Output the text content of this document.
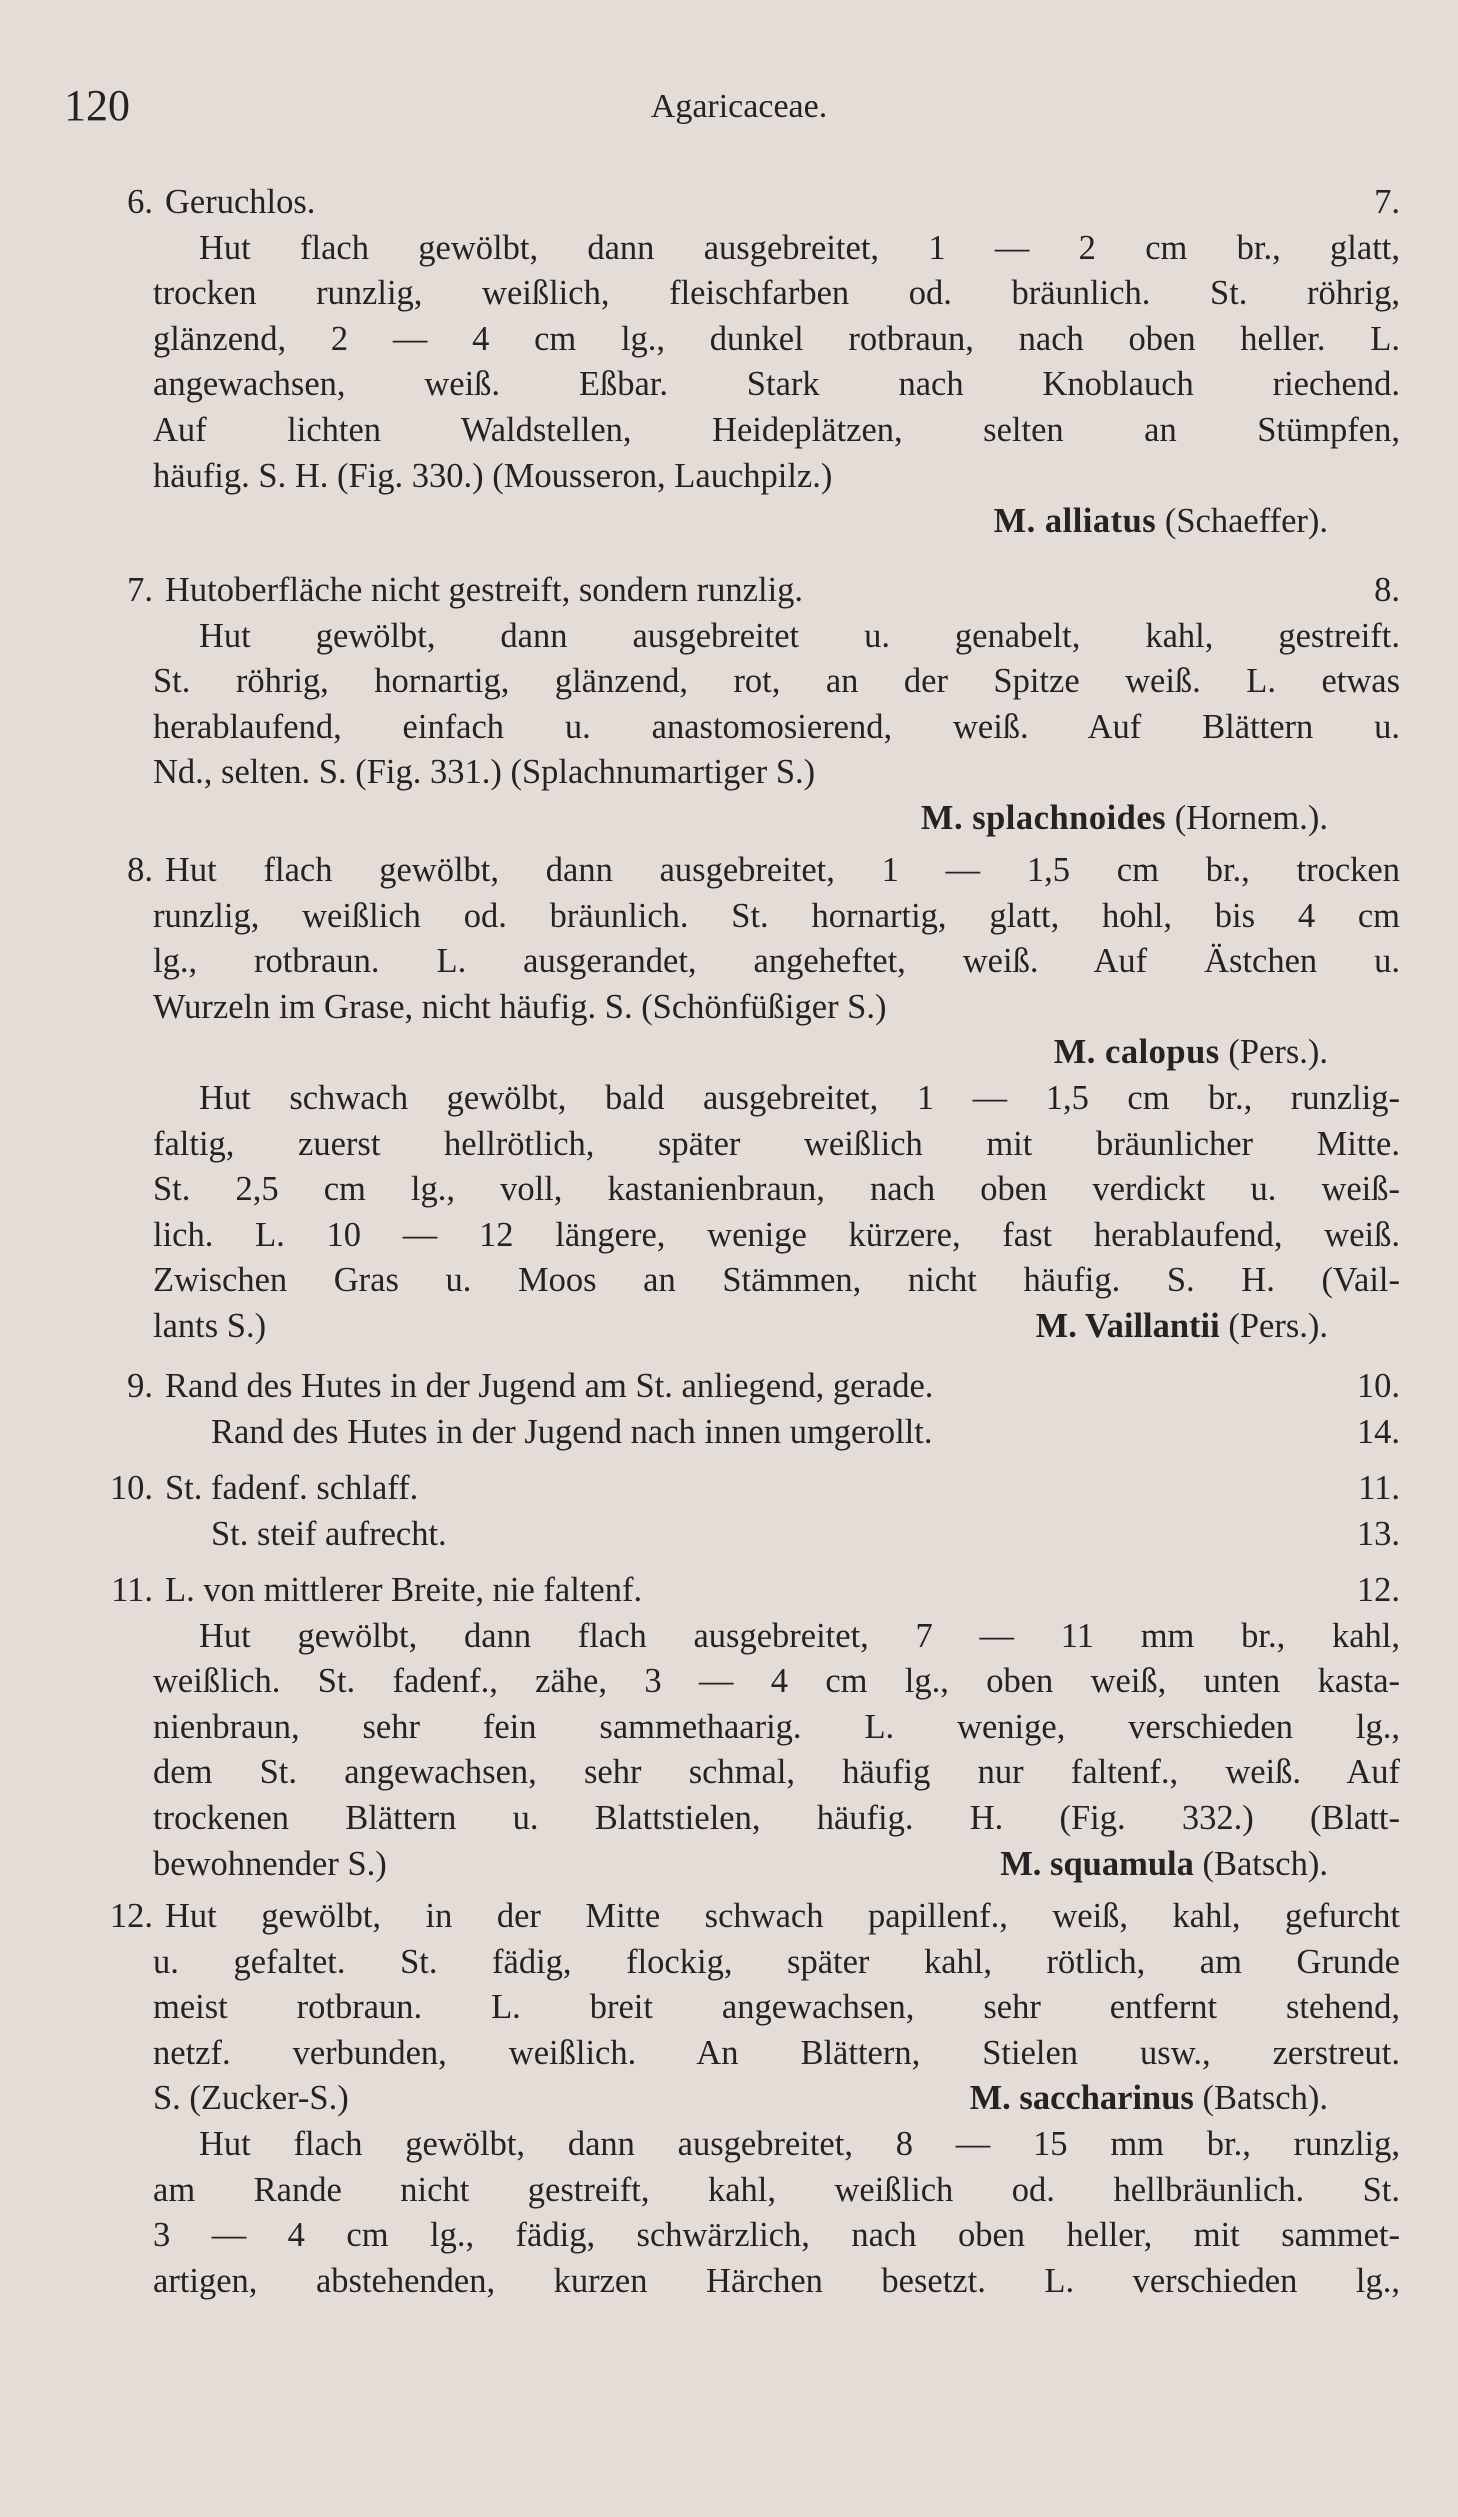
120	Agaricaceae.
6. Geruchlos.	7.
Hut flach gewölbt, dann ausgebreitet, 1 — 2 cm br., glatt,
trocken runzlig, weißlich, fleischfarben od. bräunlich. St. röhrig,
glänzend, 2 — 4 cm lg., dunkel rotbraun, nach oben heller. L.
angewachsen, weiß. Eßbar. Stark nach Knoblauch riechend.
Auf lichten Waldstellen, Heideplätzen, selten an Stümpfen,
häufig. S. H. (Fig. 330.) (Mousseron, Lauchpilz.)
M. alliatus (Schaeffer).
7. Hutoberfläche nicht gestreift, sondern runzlig.	8.
Hut gewölbt, dann ausgebreitet u. genabelt, kahl, gestreift.
St. röhrig, hornartig, glänzend, rot, an der Spitze weiß. L. etwas
herablaufend, einfach u. anastomosierend, weiß. Auf Blättern u.
Nd., selten. S. (Fig. 331.) (Splachnumartiger S.)
M. splachnoides (Hornem.).
8. Hut flach gewölbt, dann ausgebreitet, 1 — 1,5 cm br., trocken
runzlig, weißlich od. bräunlich. St. hornartig, glatt, hohl, bis 4 cm
lg., rotbraun. L. ausgerandet, angeheftet, weiß. Auf Ästchen u.
Wurzeln im Grase, nicht häufig. S. (Schönfüßiger S.)
M. calopus (Pers.).
Hut schwach gewölbt, bald ausgebreitet, 1 — 1,5 cm br., runzlig-
faltig, zuerst hellrötlich, später weißlich mit bräunlicher Mitte.
St. 2,5 cm lg., voll, kastanienbraun, nach oben verdickt u. weiß-
lich. L. 10 — 12 längere, wenige kürzere, fast herablaufend, weiß.
Zwischen Gras u. Moos an Stämmen, nicht häufig. S. H. (Vail-
lants S.)	M. Vaillantii (Pers.).
9. Rand des Hutes in der Jugend am St. anliegend, gerade.	10.
Rand des Hutes in der Jugend nach innen umgerollt.	14.
10. St. fadenf. schlaff.	11.
St. steif aufrecht.	13.
11. L. von mittlerer Breite, nie faltenf.	12.
Hut gewölbt, dann flach ausgebreitet, 7 — 11 mm br., kahl,
weißlich. St. fadenf., zähe, 3 — 4 cm lg., oben weiß, unten kasta-
nienbraun, sehr fein sammethaarig. L. wenige, verschieden lg.,
dem St. angewachsen, sehr schmal, häufig nur faltenf., weiß. Auf
trockenen Blättern u. Blattstielen, häufig. H. (Fig. 332.) (Blatt-
bewohnender S.)	M. squamula (Batsch).
12. Hut gewölbt, in der Mitte schwach papillenf., weiß, kahl, gefurcht
u. gefaltet. St. fädig, flockig, später kahl, rötlich, am Grunde
meist rotbraun. L. breit angewachsen, sehr entfernt stehend,
netzf. verbunden, weißlich. An Blättern, Stielen usw., zerstreut.
S. (Zucker-S.)	M. saccharinus (Batsch).
Hut flach gewölbt, dann ausgebreitet, 8 — 15 mm br., runzlig,
am Rande nicht gestreift, kahl, weißlich od. hellbräunlich. St.
3 — 4 cm lg., fädig, schwärzlich, nach oben heller, mit sammet-
artigen, abstehenden, kurzen Härchen besetzt. L. verschieden lg.,
